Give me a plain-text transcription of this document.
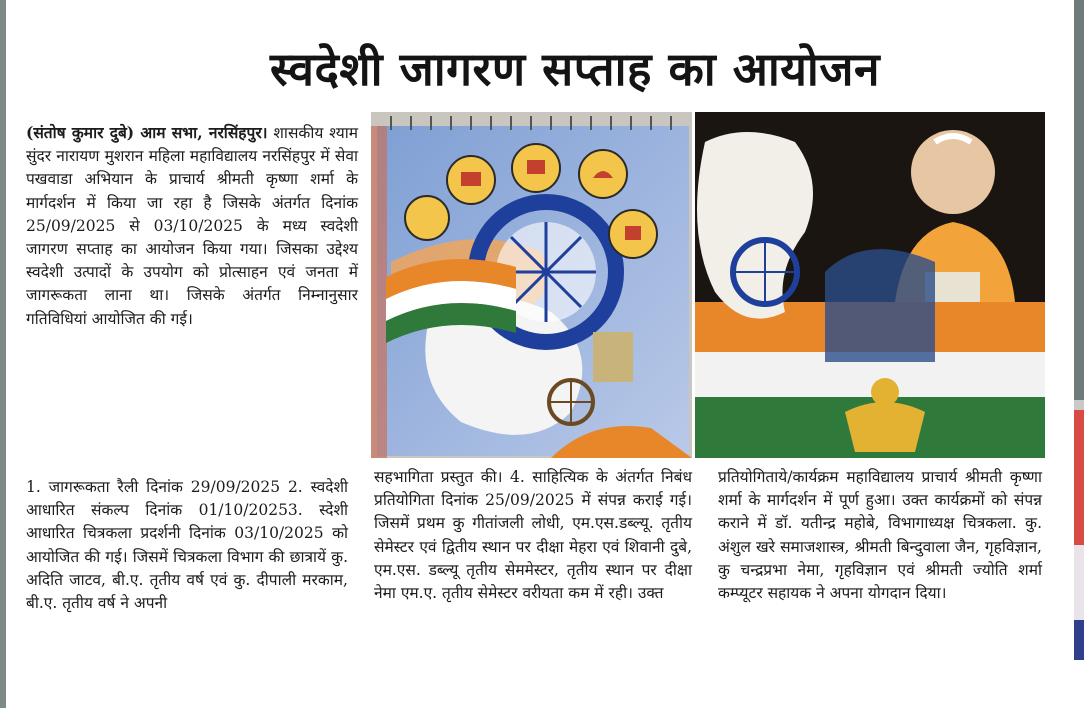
स्वदेशी जागरण सप्ताह का आयोजन

(संतोष कुमार दुबे) आम सभा, नरसिंहपुर। शासकीय श्याम सुंदर नारायण मुशरान महिला महाविद्यालय नरसिंहपुर में सेवा पखवाडा अभियान के प्राचार्य श्रीमती कृष्णा शर्मा के मार्गदर्शन में किया जा रहा है जिसके अंतर्गत दिनांक 25/09/2025 से 03/10/2025 के मध्य स्वदेशी जागरण सप्ताह का आयोजन किया गया। जिसका उद्देश्य स्वदेशी उत्पादों के उपयोग को प्रोत्साहन एवं जनता में जागरूकता लाना था। जिसके अंतर्गत निम्नानुसार गतिविधियां आयोजित की गई।

1. जागरूकता रैली दिनांक 29/09/2025 2. स्वदेशी आधारित संकल्प दिनांक 01/10/20253. स्देशी आधारित चित्रकला प्रदर्शनी दिनांक 03/10/2025 को आयोजित की गई। जिसमें चित्रकला विभाग की छात्रायें कु. अदिति जाटव, बी.ए. तृतीय वर्ष एवं कु. दीपाली मरकाम, बी.ए. तृतीय वर्ष ने अपनी

सहभागिता प्रस्तुत की। 4. साहित्यिक के अंतर्गत निबंध प्रतियोगिता दिनांक 25/09/2025 में संपन्न कराई गई। जिसमें प्रथम कु गीतांजली लोधी, एम.एस.डब्ल्यू. तृतीय सेमेस्टर एवं द्वितीय स्थान पर दीक्षा मेहरा एवं शिवानी दुबे, एम.एस. डब्ल्यू तृतीय सेममेस्टर, तृतीय स्थान पर दीक्षा नेमा एम.ए. तृतीय सेमेस्टर वरीयता कम में रही। उक्त

प्रतियोगिताये/कार्यक्रम महाविद्यालय प्राचार्य श्रीमती कृष्णा शर्मा के मार्गदर्शन में पूर्ण हुआ। उक्त कार्यक्रमों को संपन्न कराने में डॉ. यतीन्द्र महोबे, विभागाध्यक्ष चित्रकला. कु. अंशुल खरे समाजशास्त्र, श्रीमती बिन्दुवाला जैन, गृहविज्ञान, कु चन्द्रप्रभा नेमा, गृहविज्ञान एवं श्रीमती ज्योति शर्मा कम्प्यूटर सहायक ने अपना योगदान दिया।
